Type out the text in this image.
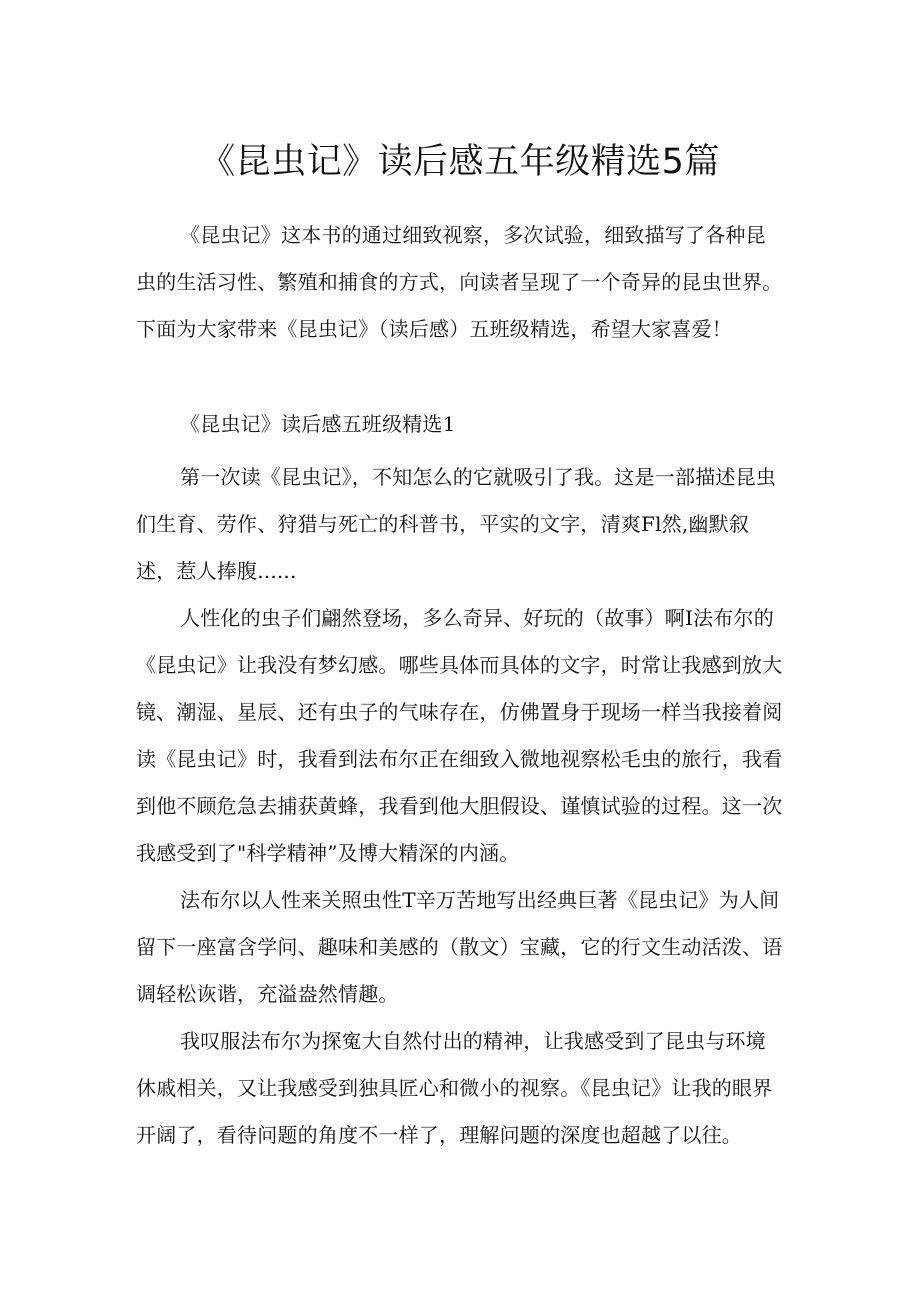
《昆虫记》读后感五年级精选5篇

《昆虫记》这本书的通过细致视察，多次试验，细致描写了各种昆虫的生活习性、繁殖和捕食的方式，向读者呈现了一个奇异的昆虫世界。下面为大家带来《昆虫记》（读后感）五班级精选，希望大家喜爱！

《昆虫记》读后感五班级精选1

第一次读《昆虫记》，不知怎么的它就吸引了我。这是一部描述昆虫们生育、劳作、狩猎与死亡的科普书，平实的文字，清爽Fl然,幽默叙述，惹人捧腹......

人性化的虫子们翩然登场，多么奇异、好玩的（故事）啊I法布尔的《昆虫记》让我没有梦幻感。哪些具体而具体的文字，时常让我感到放大镜、潮湿、星辰、还有虫子的气味存在，仿佛置身于现场一样当我接着阅读《昆虫记》时，我看到法布尔正在细致入微地视察松毛虫的旅行，我看到他不顾危急去捕获黄蜂，我看到他大胆假设、谨慎试验的过程。这一次我感受到了"科学精神”及博大精深的内涵。

法布尔以人性来关照虫性T辛万苦地写出经典巨著《昆虫记》为人间留下一座富含学问、趣味和美感的（散文）宝藏，它的行文生动活泼、语调轻松诙谐，充溢盎然情趣。

我叹服法布尔为探寃大自然付出的精神，让我感受到了昆虫与环境休戚相关，又让我感受到独具匠心和微小的视察。《昆虫记》让我的眼界开阔了，看待问题的角度不一样了，理解问题的深度也超越了以往。
